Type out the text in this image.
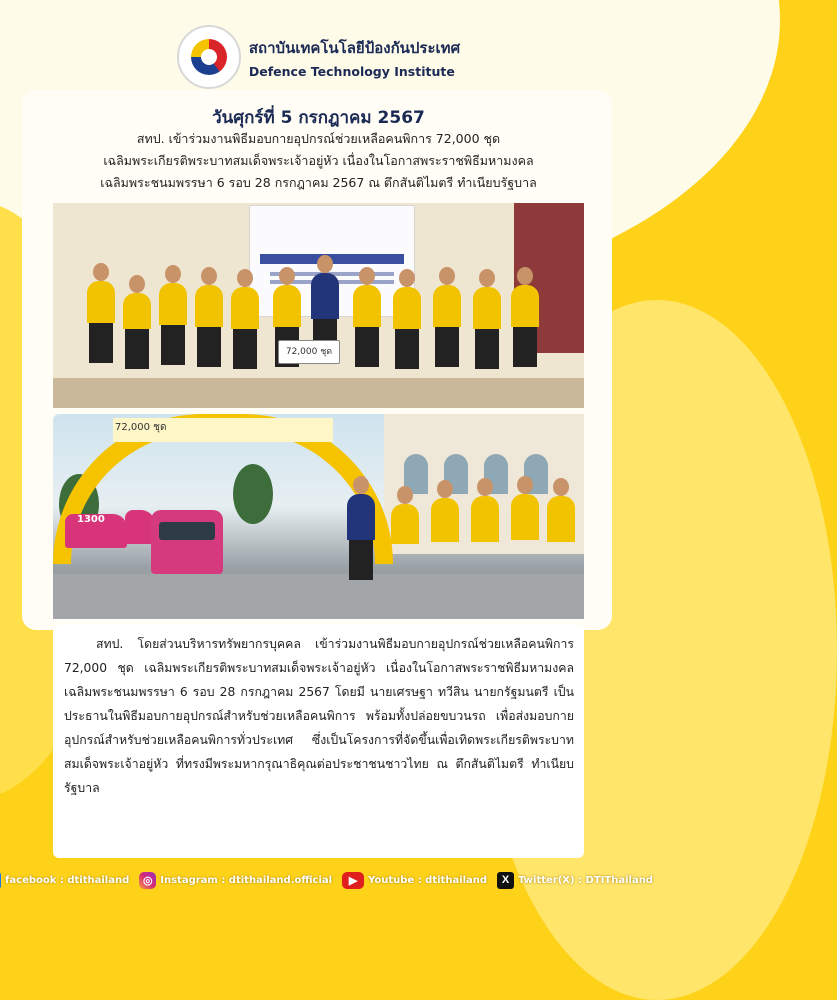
สถาบันเทคโนโลยีป้องกันประเทศ
Defence Technology Institute
วันศุกร์ที่ 5 กรกฎาคม 2567
สทป. เข้าร่วมงานพิธีมอบกายอุปกรณ์ช่วยเหลือคนพิการ 72,000 ชุด
เฉลิมพระเกียรติพระบาทสมเด็จพระเจ้าอยู่หัว เนื่องในโอกาสพระราชพิธีมหามงคล
เฉลิมพระชนมพรรษา 6 รอบ 28 กรกฎาคม 2567 ณ ตึกสันติไมตรี ทำเนียบรัฐบาล
72,000 ชุด
72,000 ชุด
1300
สทป. โดยส่วนบริหารทรัพยากรบุคคล เข้าร่วมงานพิธีมอบกายอุปกรณ์ช่วยเหลือคนพิการ 72,000 ชุด เฉลิมพระเกียรติพระบาทสมเด็จพระเจ้าอยู่หัว เนื่องในโอกาสพระราชพิธีมหามงคล เฉลิมพระชนมพรรษา 6 รอบ 28 กรกฎาคม 2567 โดยมี นายเศรษฐา ทวีสิน นายกรัฐมนตรี เป็นประธานในพิธีมอบกายอุปกรณ์สำหรับช่วยเหลือคนพิการ พร้อมทั้งปล่อยขบวนรถ เพื่อส่งมอบกายอุปกรณ์สำหรับช่วยเหลือคนพิการทั่วประเทศ ซึ่งเป็นโครงการที่จัดขึ้นเพื่อเทิดพระเกียรติพระบาทสมเด็จพระเจ้าอยู่หัว ที่ทรงมีพระมหากรุณาธิคุณต่อประชาชนชาวไทย ณ ตึกสันติไมตรี ทำเนียบรัฐบาล
facebook : dtithailand	◎ Instagram : dtithailand.official	▶	Youtube : dtithailand	X Twitter(X) : DTIThailand
